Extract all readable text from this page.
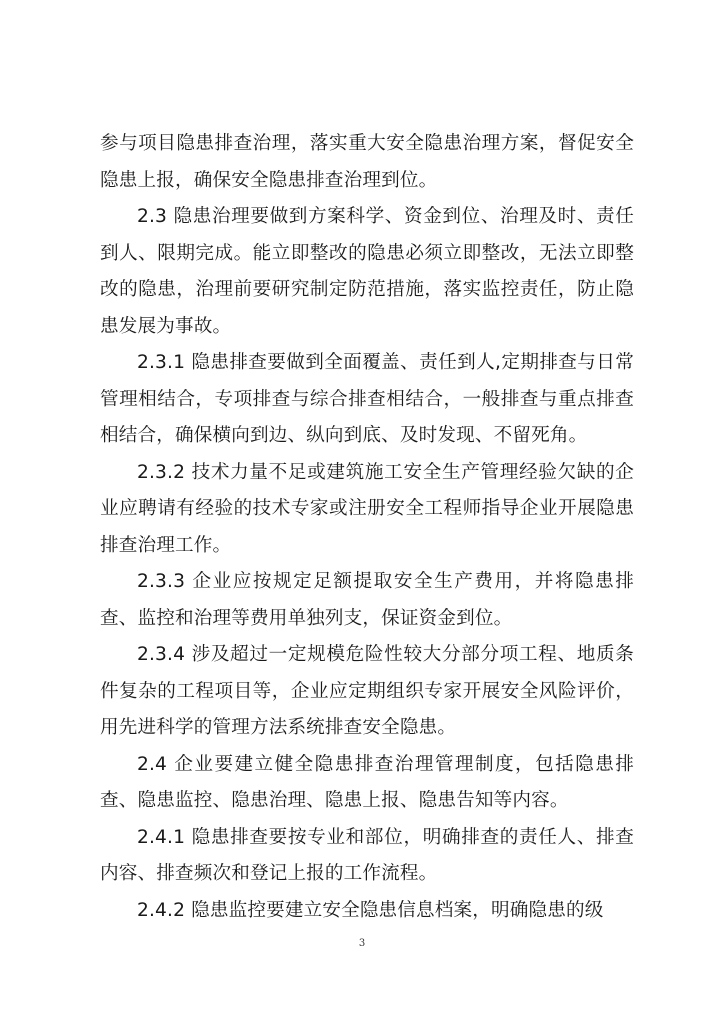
参与项目隐患排查治理，落实重大安全隐患治理方案，督促安全隐患上报，确保安全隐患排查治理到位。

2.3 隐患治理要做到方案科学、资金到位、治理及时、责任到人、限期完成。能立即整改的隐患必须立即整改，无法立即整改的隐患，治理前要研究制定防范措施，落实监控责任，防止隐患发展为事故。

2.3.1 隐患排查要做到全面覆盖、责任到人,定期排查与日常管理相结合，专项排查与综合排查相结合，一般排查与重点排查相结合，确保横向到边、纵向到底、及时发现、不留死角。

2.3.2 技术力量不足或建筑施工安全生产管理经验欠缺的企业应聘请有经验的技术专家或注册安全工程师指导企业开展隐患排查治理工作。

2.3.3 企业应按规定足额提取安全生产费用，并将隐患排查、监控和治理等费用单独列支，保证资金到位。

2.3.4 涉及超过一定规模危险性较大分部分项工程、地质条件复杂的工程项目等，企业应定期组织专家开展安全风险评价，用先进科学的管理方法系统排查安全隐患。

2.4 企业要建立健全隐患排查治理管理制度，包括隐患排查、隐患监控、隐患治理、隐患上报、隐患告知等内容。

2.4.1 隐患排查要按专业和部位，明确排查的责任人、排查内容、排查频次和登记上报的工作流程。

2.4.2 隐患监控要建立安全隐患信息档案，明确隐患的级

3
